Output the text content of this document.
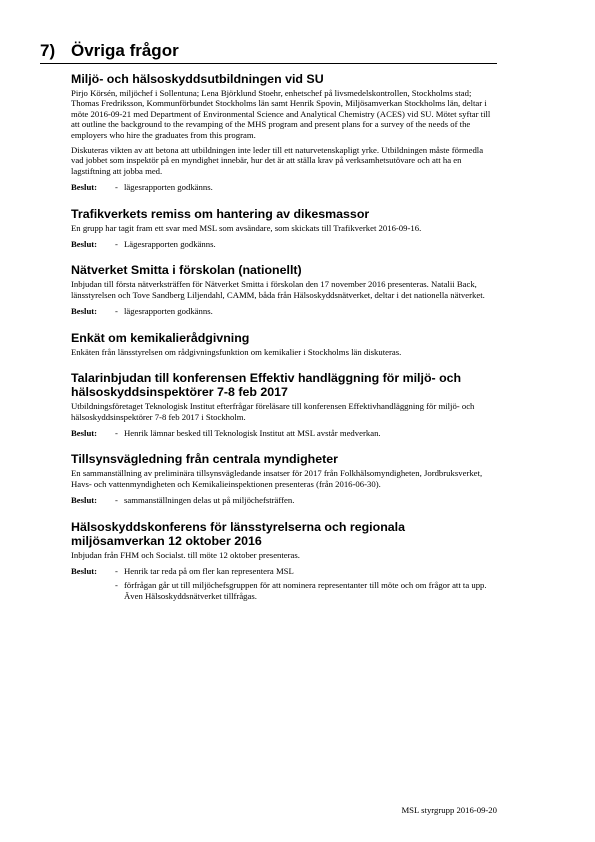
7) Övriga frågor
Miljö- och hälsoskyddsutbildningen vid SU

Pirjo Körsén, miljöchef i Sollentuna; Lena Björklund Stoehr, enhetschef på livsmedelskontrollen, Stockholms stad; Thomas Fredriksson, Kommunförbundet Stockholms län samt Henrik Spovin, Miljösamverkan Stockholms län, deltar i möte 2016-09-21 med Department of Environmental Science and Analytical Chemistry (ACES) vid SU. Mötet syftar till att outline the background to the revamping of the MHS program and present plans for a survey of the needs of the employers who hire the graduates from this program.

Diskuteras vikten av att betona att utbildningen inte leder till ett naturvetenskapligt yrke. Utbildningen måste förmedla vad jobbet som inspektör på en myndighet innebär, hur det är att ställa krav på verksamhetsutövare och att ha en lagstiftning att jobba med.

Beslut:	- lägesrapporten godkänns.
Trafikverkets remiss om hantering av dikesmassor

En grupp har tagit fram ett svar med MSL som avsändare, som skickats till Trafikverket 2016-09-16.

Beslut:	- Lägesrapporten godkänns.
Nätverket Smitta i förskolan (nationellt)

Inbjudan till första nätverksträffen för Nätverket Smitta i förskolan den 17 november 2016 presenteras. Natalii Back, länsstyrelsen och Tove Sandberg Liljendahl, CAMM, båda från Hälsoskyddsnätverket, deltar i det nationella nätverket.

Beslut:	- lägesrapporten godkänns.
Enkät om kemikalierådgivning

Enkäten från länsstyrelsen om rådgivningsfunktion om kemikalier i Stockholms län diskuteras.

Talarinbjudan till konferensen Effektiv handläggning för miljö- och hälsoskyddsinspektörer 7-8 feb 2017

Utbildningsföretaget Teknologisk Institut efterfrågar föreläsare till konferensen Effektivhandläggning för miljö- och hälsoskyddsinspektörer 7-8 feb 2017 i Stockholm.

Beslut:	- Henrik lämnar besked till Teknologisk Institut att MSL avstår medverkan.
Tillsynsvägledning från centrala myndigheter

En sammanställning av preliminära tillsynsvägledande insatser för 2017 från Folkhälsomyndigheten, Jordbruksverket, Havs- och vattenmyndigheten och Kemikalieinspektionen presenteras (från 2016-06-30).

Beslut:	- sammanställningen delas ut på miljöchefsträffen.
Hälsoskyddskonferens för länsstyrelserna och regionala miljösamverkan 12 oktober 2016

Inbjudan från FHM och Socialst. till möte 12 oktober presenteras.

Beslut:	- Henrik tar reda på om fler kan representera MSL
- förfrågan går ut till miljöchefsgruppen för att nominera representanter till möte och om frågor att ta upp. Även Hälsoskyddsnätverket tillfrågas.
MSL styrgrupp 2016-09-20
